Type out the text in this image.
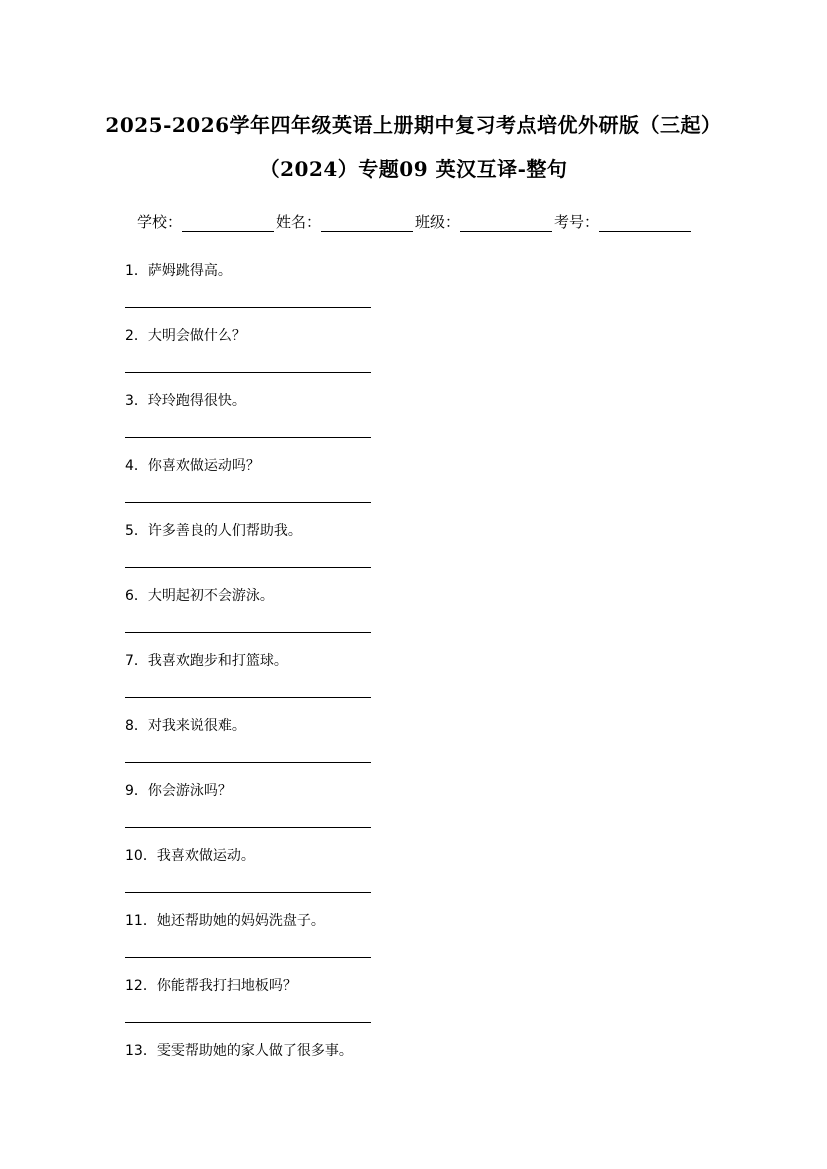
2025-2026学年四年级英语上册期中复习考点培优外研版（三起）
（2024）专题09 英汉互译-整句
学校：	姓名：	班级：	考号：
1．萨姆跳得高。
2．大明会做什么？
3．玲玲跑得很快。
4．你喜欢做运动吗？
5．许多善良的人们帮助我。
6．大明起初不会游泳。
7．我喜欢跑步和打篮球。
8．对我来说很难。
9．你会游泳吗？
10．我喜欢做运动。
11．她还帮助她的妈妈洗盘子。
12．你能帮我打扫地板吗？
13．雯雯帮助她的家人做了很多事。
